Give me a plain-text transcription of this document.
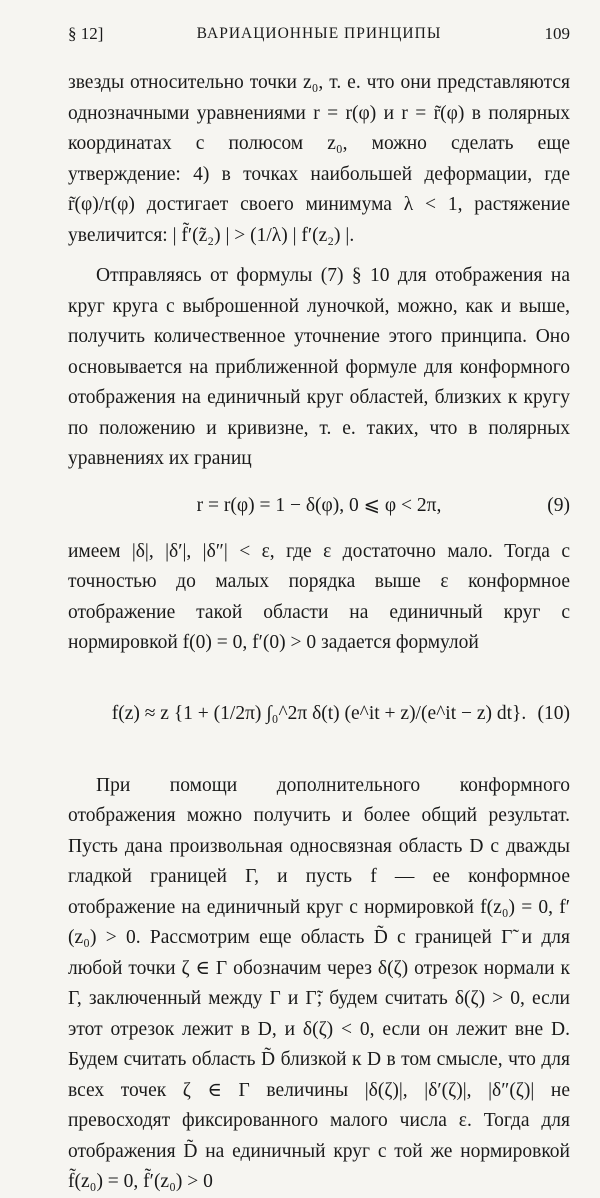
§ 12]	ВАРИАЦИОННЫЕ ПРИНЦИПЫ	109

звезды относительно точки z₀, т. е. что они представляются однозначными уравнениями r = r(φ) и r = r̃(φ) в полярных координатах с полюсом z₀, можно сделать еще утверждение: 4) в точках наибольшей деформации, где r̃(φ)/r(φ) достигает своего минимума λ < 1, растяжение увеличится: | f̃′(z̃₂) | > (1/λ) | f′(z₂) |.

Отправляясь от формулы (7) § 10 для отображения на круг круга с выброшенной луночкой, можно, как и выше, получить количественное уточнение этого принципа. Оно основывается на приближенной формуле для конформного отображения на единичный круг областей, близких к кругу по положению и кривизне, т. е. таких, что в полярных уравнениях их границ

r = r(φ) = 1 − δ(φ), 0 ⩽ φ < 2π,	(9)

имеем |δ|, |δ′|, |δ″| < ε, где ε достаточно мало. Тогда с точностью до малых порядка выше ε конформное отображение такой области на единичный круг с нормировкой f(0) = 0, f′(0) > 0 задается формулой

f(z) ≈ z {1 + (1/2π) ∫₀^2π δ(t) (e^it + z)/(e^it − z) dt}. (10)

При помощи дополнительного конформного отображения можно получить и более общий результат. Пусть дана произвольная односвязная область D с дважды гладкой границей Γ, и пусть f — ее конформное отображение на единичный круг с нормировкой f(z₀) = 0, f′(z₀) > 0. Рассмотрим еще область D̃ с границей Γ̃ и для любой точки ζ ∈ Γ обозначим через δ(ζ) отрезок нормали к Γ, заключенный между Γ и Γ̃; будем считать δ(ζ) > 0, если этот отрезок лежит в D, и δ(ζ) < 0, если он лежит вне D. Будем считать область D̃ близкой к D в том смысле, что для всех точек ζ ∈ Γ величины |δ(ζ)|, |δ′(ζ)|, |δ″(ζ)| не превосходят фиксированного малого числа ε. Тогда для отображения D̃ на единичный круг с той же нормировкой f̃(z₀) = 0, f̃′(z₀) > 0
